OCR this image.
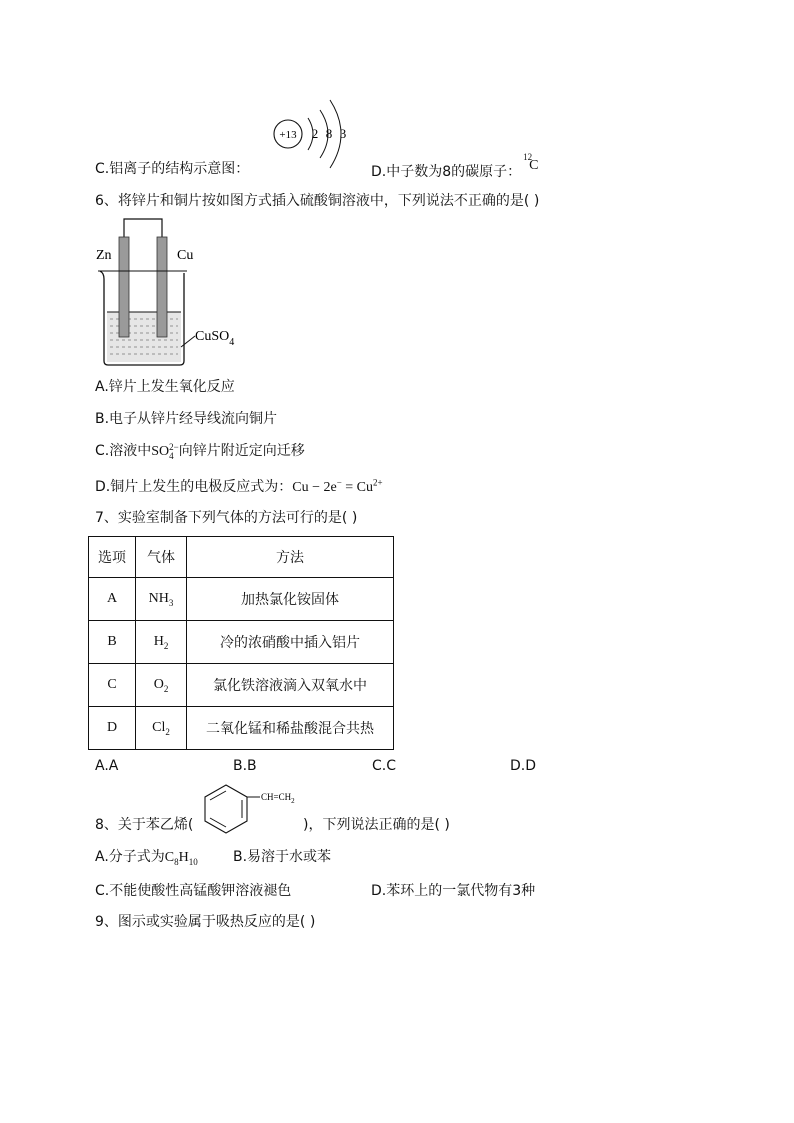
C.铝离子的结构示意图：
+13 2 8 3
D.中子数为8的碳原子：
12
C
6、将锌片和铜片按如图方式插入硫酸铜溶液中，下列说法不正确的是( )
Zn	Cu
CuSO$_4$
A.锌片上发生氧化反应
B.电子从锌片经导线流向铜片
C.溶液中SO 2−
4 向锌片附近定向迁移
D.铜片上发生的电极反应式为：$Cu - 2e^- = Cu^{2+}$
7、实验室制备下列气体的方法可行的是( )
选项	气体	方法
A	$NH_3$	加热氯化铵固体
B	$H_2$	冷的浓硝酸中插入铝片
C	$O_2$	氯化铁溶液滴入双氧水中
D	$Cl_2$	二氧化锰和稀盐酸混合共热
A.A	B.B	C.C	D.D
8、关于苯乙烯(
$CH=CH_2$
)，下列说法正确的是( )
A.分子式为$C_8H_{10}$	B.易溶于水或苯
C.不能使酸性高锰酸钾溶液褪色	D.苯环上的一氯代物有3种
9、图示或实验属于吸热反应的是( )
